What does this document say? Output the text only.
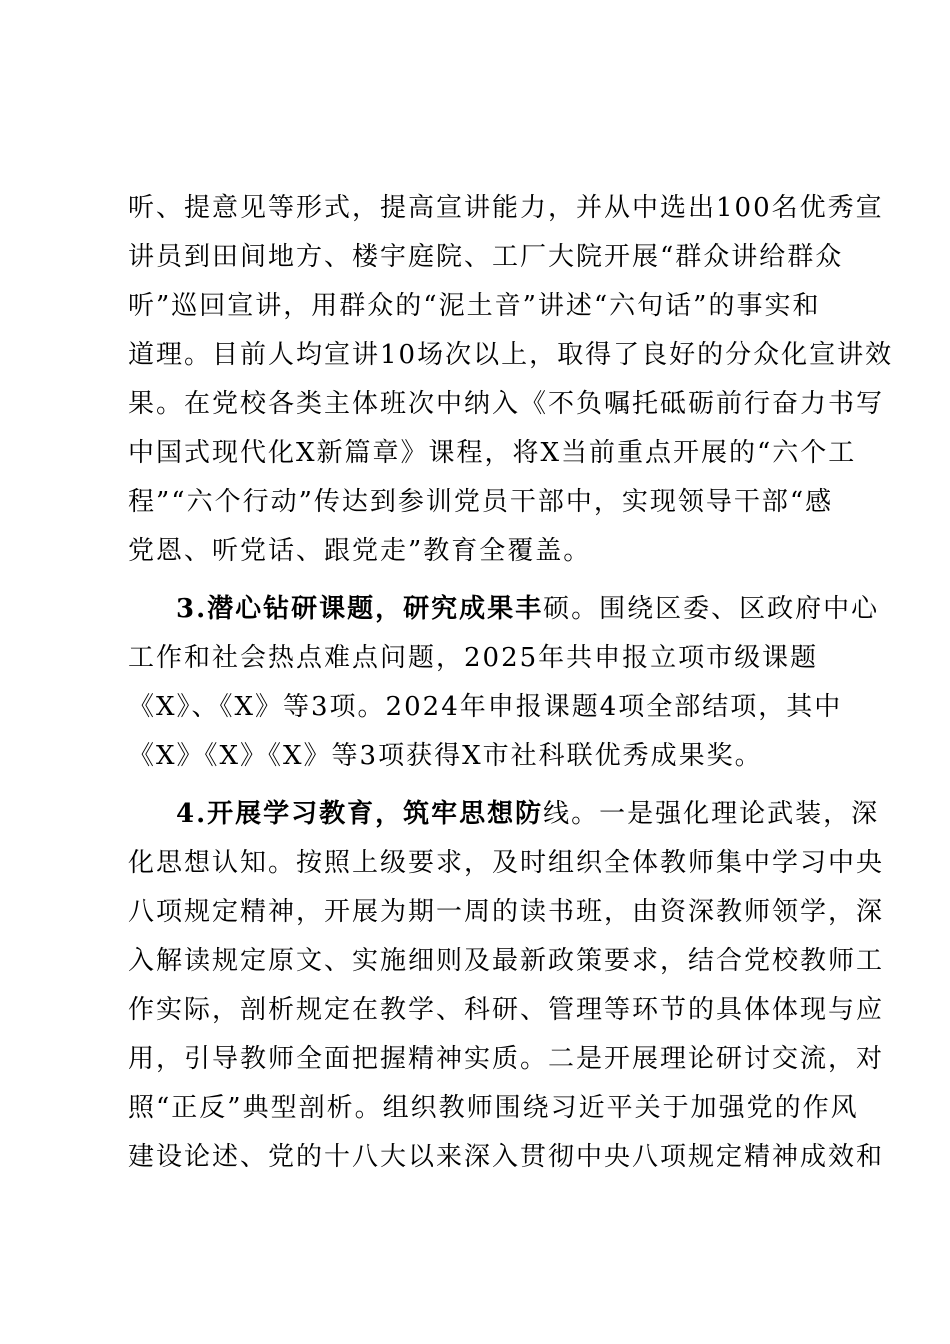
听、提意见等形式，提高宣讲能力，并从中选出100名优秀宣
讲员到田间地方、楼宇庭院、工厂大院开展“群众讲给群众
听”巡回宣讲，用群众的“泥土音”讲述“六句话”的事实和
道理。目前人均宣讲10场次以上，取得了良好的分众化宣讲效
果。在党校各类主体班次中纳入《不负嘱托砥砺前行奋力书写
中国式现代化X新篇章》课程，将X当前重点开展的“六个工
程”“六个行动”传达到参训党员干部中，实现领导干部“感
党恩、听党话、跟党走”教育全覆盖。
3.潜心钻研课题，研究成果丰硕。围绕区委、区政府中心
工作和社会热点难点问题，2025年共申报立项市级课题
《X》、《X》等3项。2024年申报课题4项全部结项，其中
《X》《X》《X》等3项获得X市社科联优秀成果奖。
4.开展学习教育，筑牢思想防线。一是强化理论武装，深
化思想认知。按照上级要求，及时组织全体教师集中学习中央
八项规定精神，开展为期一周的读书班，由资深教师领学，深
入解读规定原文、实施细则及最新政策要求，结合党校教师工
作实际，剖析规定在教学、科研、管理等环节的具体体现与应
用，引导教师全面把握精神实质。二是开展理论研讨交流，对
照“正反”典型剖析。组织教师围绕习近平关于加强党的作风
建设论述、党的十八大以来深入贯彻中央八项规定精神成效和
